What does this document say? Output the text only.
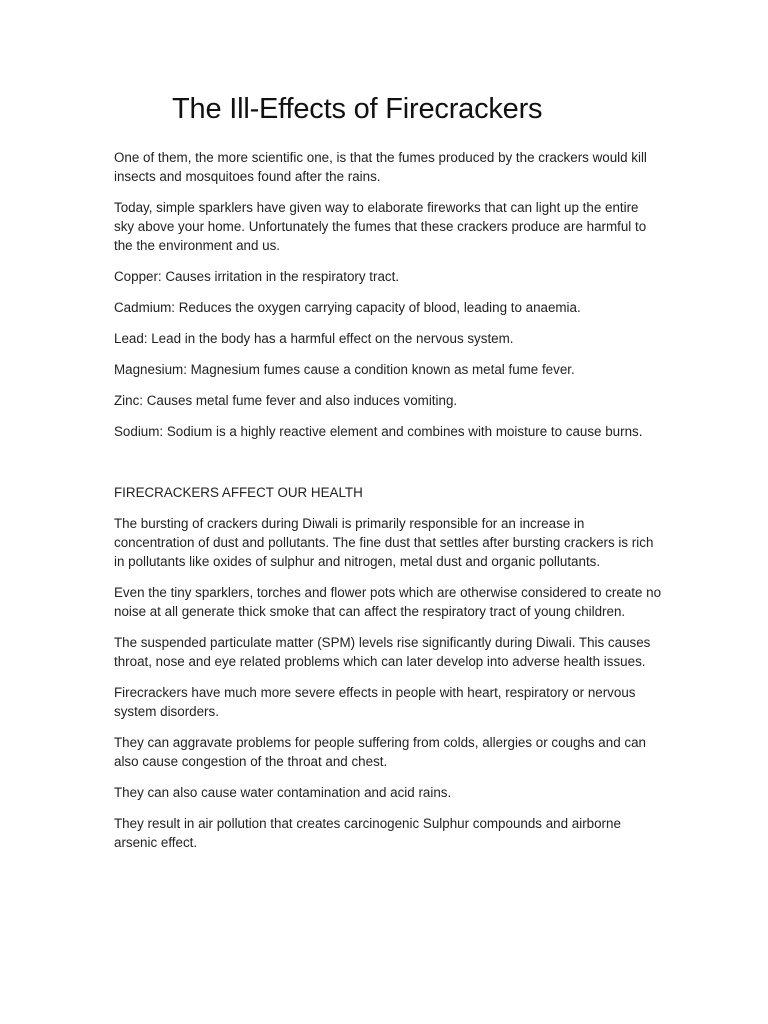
The Ill-Effects of Firecrackers

One of them, the more scientific one, is that the fumes produced by the crackers would kill insects and mosquitoes found after the rains.

Today, simple sparklers have given way to elaborate fireworks that can light up the entire sky above your home. Unfortunately the fumes that these crackers produce are harmful to the the environment and us.

Copper: Causes irritation in the respiratory tract.

Cadmium: Reduces the oxygen carrying capacity of blood, leading to anaemia.

Lead: Lead in the body has a harmful effect on the nervous system.

Magnesium: Magnesium fumes cause a condition known as metal fume fever.

Zinc: Causes metal fume fever and also induces vomiting.

Sodium: Sodium is a highly reactive element and combines with moisture to cause burns.

FIRECRACKERS AFFECT OUR HEALTH

The bursting of crackers during Diwali is primarily responsible for an increase in concentration of dust and pollutants. The fine dust that settles after bursting crackers is rich in pollutants like oxides of sulphur and nitrogen, metal dust and organic pollutants.

Even the tiny sparklers, torches and flower pots which are otherwise considered to create no noise at all generate thick smoke that can affect the respiratory tract of young children.

The suspended particulate matter (SPM) levels rise significantly during Diwali. This causes throat, nose and eye related problems which can later develop into adverse health issues.

Firecrackers have much more severe effects in people with heart, respiratory or nervous system disorders.

They can aggravate problems for people suffering from colds, allergies or coughs and can also cause congestion of the throat and chest.

They can also cause water contamination and acid rains.

They result in air pollution that creates carcinogenic Sulphur compounds and airborne arsenic effect.
